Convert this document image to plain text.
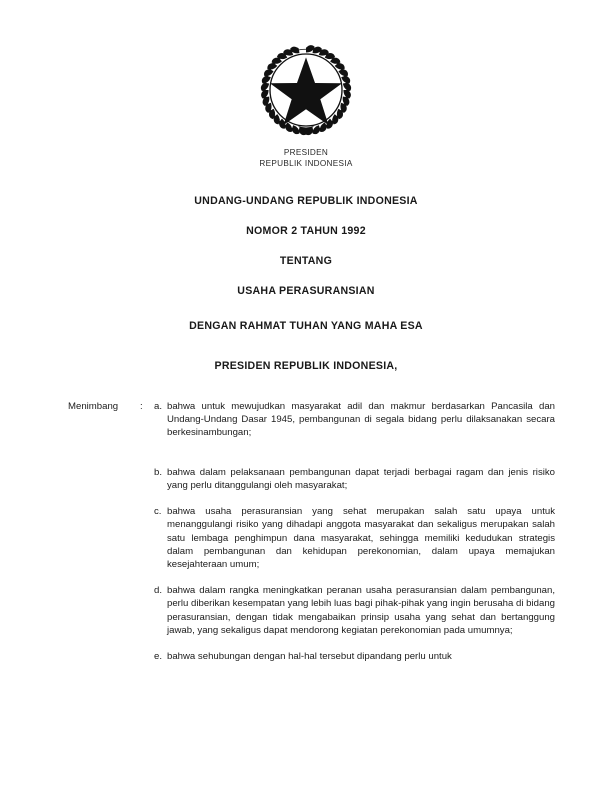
PRESIDEN
REPUBLIK INDONESIA
UNDANG-UNDANG REPUBLIK INDONESIA
NOMOR 2 TAHUN 1992
TENTANG
USAHA PERASURANSIAN
DENGAN RAHMAT TUHAN YANG MAHA ESA
PRESIDEN REPUBLIK INDONESIA,
Menimbang	:	a. bahwa untuk mewujudkan masyarakat adil dan makmur berdasarkan Pancasila dan Undang-Undang Dasar 1945, pembangunan di segala bidang perlu dilaksanakan secara berkesinambungan;
b. bahwa dalam pelaksanaan pembangunan dapat terjadi berbagai ragam dan jenis risiko yang perlu ditanggulangi oleh masyarakat;
c. bahwa usaha perasuransian yang sehat merupakan salah satu upaya untuk menanggulangi risiko yang dihadapi anggota masyarakat dan sekaligus merupakan salah satu lembaga penghimpun dana masyarakat, sehingga memiliki kedudukan strategis dalam pembangunan dan kehidupan perekonomian, dalam upaya memajukan kesejahteraan umum;
d. bahwa dalam rangka meningkatkan peranan usaha perasuransian dalam pembangunan, perlu diberikan kesempatan yang lebih luas bagi pihak-pihak yang ingin berusaha di bidang perasuransian, dengan tidak mengabaikan prinsip usaha yang sehat dan bertanggung jawab, yang sekaligus dapat mendorong kegiatan perekonomian pada umumnya;
e. bahwa sehubungan dengan hal-hal tersebut dipandang perlu untuk
